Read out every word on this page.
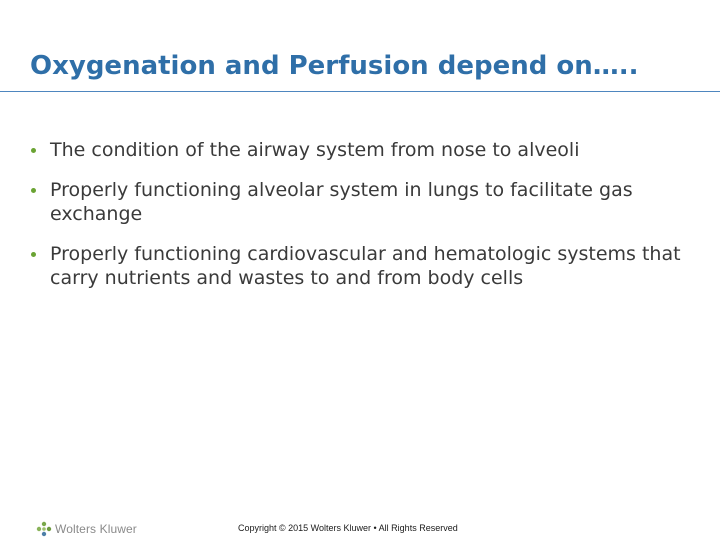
Oxygenation and Perfusion depend on…..
The condition of the airway system from nose to alveoli
Properly functioning alveolar system in lungs to facilitate gas exchange
Properly functioning cardiovascular and hematologic systems that carry nutrients and wastes to and from body cells
Wolters Kluwer	Copyright © 2015 Wolters Kluwer • All Rights Reserved
